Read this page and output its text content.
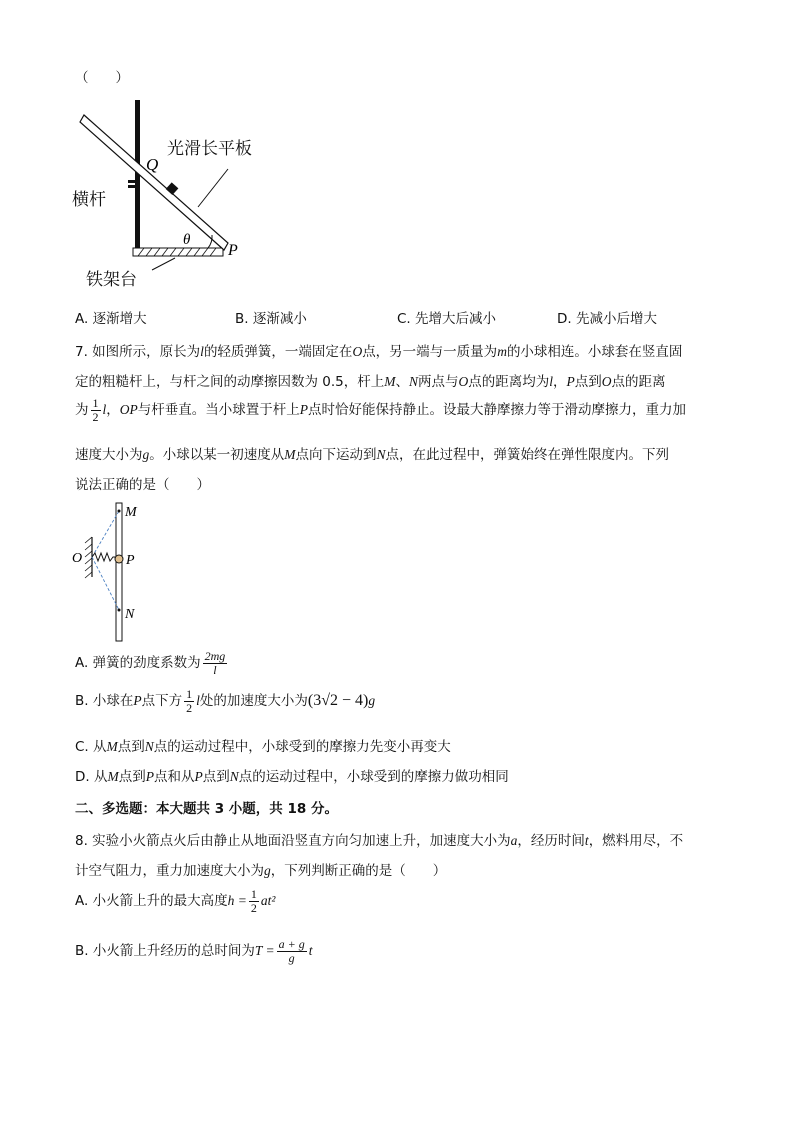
（　　）
Q
P
θ
光滑长平板
横杆
铁架台
A. 逐渐增大	B. 逐渐减小	C. 先增大后减小	D. 先减小后增大
7. 如图所示，原长为l的轻质弹簧，一端固定在O点，另一端与一质量为m的小球相连。小球套在竖直固
定的粗糙杆上，与杆之间的动摩擦因数为 0.5，杆上M、N两点与O点的距离均为l，P点到O点的距离
为 $\frac{1}{2}$ l，OP与杆垂直。当小球置于杆上P点时恰好能保持静止。设最大静摩擦力等于滑动摩擦力，重力加
速度大小为g。小球以某一初速度从M点向下运动到N点，在此过程中，弹簧始终在弹性限度内。下列
说法正确的是（　　）
M
O	P
N
A. 弹簧的劲度系数为 $\frac{2mg}{l}$
B. 小球在P点下方 $\frac{1}{2}$ l处的加速度大小为(3√2 − 4)g
C. 从M点到N点的运动过程中，小球受到的摩擦力先变小再变大
D. 从M点到P点和从P点到N点的运动过程中，小球受到的摩擦力做功相同
二、多选题：本大题共 3 小题，共 18 分。
8. 实验小火箭点火后由静止从地面沿竖直方向匀加速上升，加速度大小为a，经历时间t，燃料用尽，不
计空气阻力，重力加速度大小为g，下列判断正确的是（　　）
A. 小火箭上升的最大高度$h = \frac{1}{2} at^2$
B. 小火箭上升经历的总时间为$T = \frac{a + g}{g}$ t
